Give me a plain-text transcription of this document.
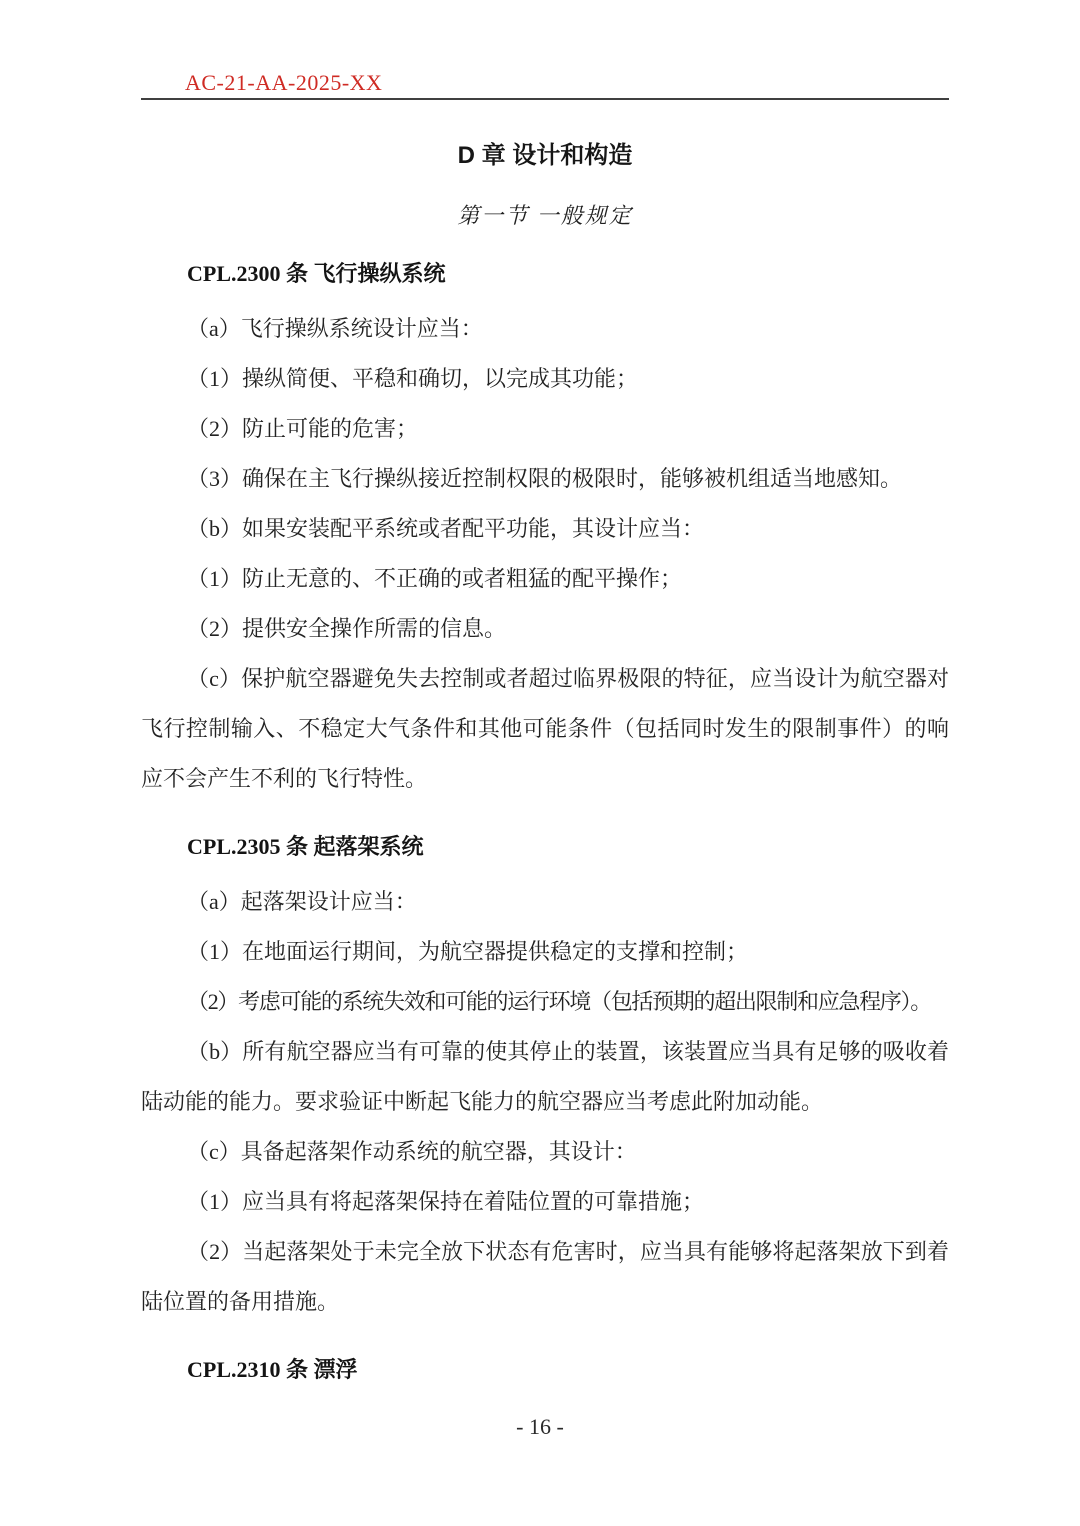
AC-21-AA-2025-XX
D 章 设计和构造
第一节 一般规定
CPL.2300 条 飞行操纵系统

（a）飞行操纵系统设计应当：

（1）操纵简便、平稳和确切，以完成其功能；

（2）防止可能的危害；

（3）确保在主飞行操纵接近控制权限的极限时，能够被机组适当地感知。

（b）如果安装配平系统或者配平功能，其设计应当：

（1）防止无意的、不正确的或者粗猛的配平操作；

（2）提供安全操作所需的信息。

（c）保护航空器避免失去控制或者超过临界极限的特征，应当设计为航空器对飞行控制输入、不稳定大气条件和其他可能条件（包括同时发生的限制事件）的响应不会产生不利的飞行特性。

CPL.2305 条 起落架系统

（a）起落架设计应当：

（1）在地面运行期间，为航空器提供稳定的支撑和控制；

（2）考虑可能的系统失效和可能的运行环境（包括预期的超出限制和应急程序）。

（b）所有航空器应当有可靠的使其停止的装置，该装置应当具有足够的吸收着陆动能的能力。要求验证中断起飞能力的航空器应当考虑此附加动能。

（c）具备起落架作动系统的航空器，其设计：

（1）应当具有将起落架保持在着陆位置的可靠措施；

（2）当起落架处于未完全放下状态有危害时，应当具有能够将起落架放下到着陆位置的备用措施。

CPL.2310 条 漂浮
- 16 -
